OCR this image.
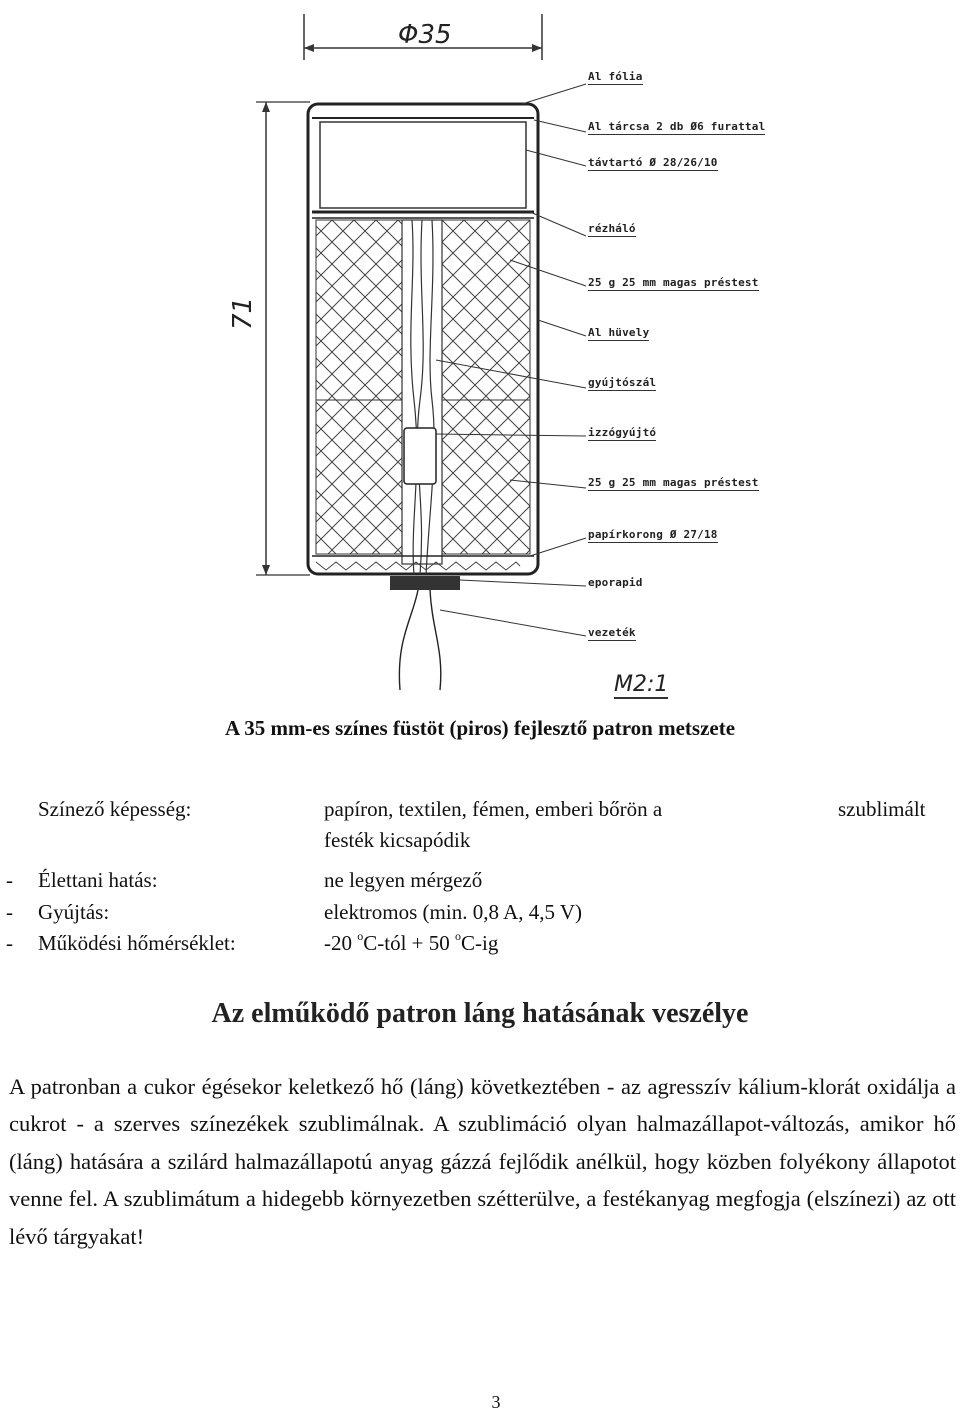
Φ35
71
M2:1
Al fólia
Al tárcsa 2 db Ø6 furattal
távtartó Ø 28/26/10
rézháló
25 g 25 mm magas préstest
Al hüvely
gyújtószál
izzógyújtó
25 g 25 mm magas préstest
papírkorong Ø 27/18
eporapid
vezeték
A 35 mm-es színes füstöt (piros) fejlesztő patron metszete
Színező képesség:	papíron, textilen, fémen, emberi bőrön a	szublimált
festék kicsapódik
- Élettani hatás:	ne legyen mérgező
- Gyújtás:	elektromos (min. 0,8 A, 4,5 V)
- Működési hőmérséklet:	-20 $^o$C-tól + 50 $^o$C-ig
Az elműködő patron láng hatásának veszélye
A patronban a cukor égésekor keletkező hő (láng) következtében - az agresszív kálium-klorát oxidálja a cukrot - a szerves színezékek szublimálnak. A szublimáció olyan halmazállapot-változás, amikor hő (láng) hatására a szilárd halmazállapotú anyag gázzá fejlődik anélkül, hogy közben folyékony állapotot venne fel. A szublimátum a hidegebb környezetben szétterülve, a festékanyag megfogja (elszínezi) az ott lévő tárgyakat!
3
